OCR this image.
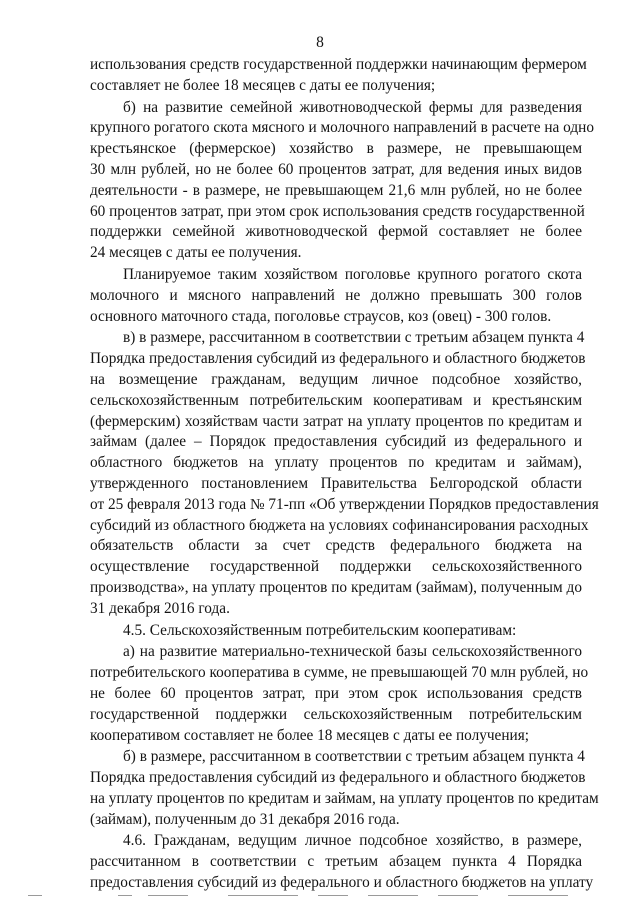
8
использования средств государственной поддержки начинающим фермером
составляет не более 18 месяцев с даты ее получения;
б) на развитие семейной животноводческой фермы для разведения
крупного рогатого скота мясного и молочного направлений в расчете на одно
крестьянское (фермерское) хозяйство в размере, не превышающем
30 млн рублей, но не более 60 процентов затрат, для ведения иных видов
деятельности - в размере, не превышающем 21,6 млн рублей, но не более
60 процентов затрат, при этом срок использования средств государственной
поддержки семейной животноводческой фермой составляет не более
24 месяцев с даты ее получения.
Планируемое таким хозяйством поголовье крупного рогатого скота
молочного и мясного направлений не должно превышать 300 голов
основного маточного стада, поголовье страусов, коз (овец) - 300 голов.
в) в размере, рассчитанном в соответствии с третьим абзацем пункта 4
Порядка предоставления субсидий из федерального и областного бюджетов
на возмещение гражданам, ведущим личное подсобное хозяйство,
сельскохозяйственным потребительским кооперативам и крестьянским
(фермерским) хозяйствам части затрат на уплату процентов по кредитам и
займам (далее – Порядок предоставления субсидий из федерального и
областного бюджетов на уплату процентов по кредитам и займам),
утвержденного постановлением Правительства Белгородской области
от 25 февраля 2013 года № 71-пп «Об утверждении Порядков предоставления
субсидий из областного бюджета на условиях софинансирования расходных
обязательств области за счет средств федерального бюджета на
осуществление государственной поддержки сельскохозяйственного
производства», на уплату процентов по кредитам (займам), полученным до
31 декабря 2016 года.
4.5. Сельскохозяйственным потребительским кооперативам:
а) на развитие материально-технической базы сельскохозяйственного
потребительского кооператива в сумме, не превышающей 70 млн рублей, но
не более 60 процентов затрат, при этом срок использования средств
государственной поддержки сельскохозяйственным потребительским
кооперативом составляет не более 18 месяцев с даты ее получения;
б) в размере, рассчитанном в соответствии с третьим абзацем пункта 4
Порядка предоставления субсидий из федерального и областного бюджетов
на уплату процентов по кредитам и займам, на уплату процентов по кредитам
(займам), полученным до 31 декабря 2016 года.
4.6. Гражданам, ведущим личное подсобное хозяйство, в размере,
рассчитанном в соответствии с третьим абзацем пункта 4 Порядка
предоставления субсидий из федерального и областного бюджетов на уплату
